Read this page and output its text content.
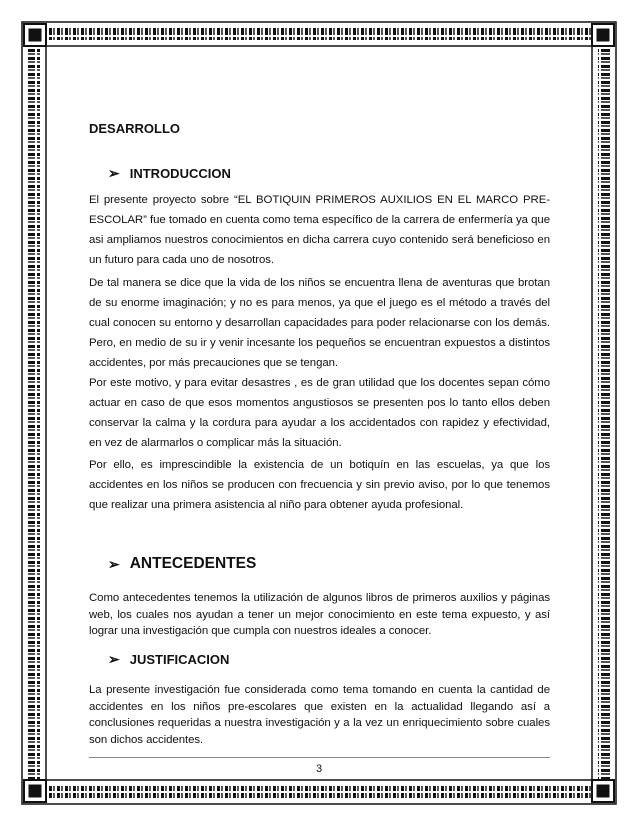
DESARROLLO
➢ INTRODUCCION
El presente proyecto sobre “EL BOTIQUIN PRIMEROS AUXILIOS EN EL MARCO PRE-ESCOLAR” fue tomado en cuenta como tema específico de la carrera de enfermería ya que asi ampliamos nuestros conocimientos en dicha carrera cuyo contenido será beneficioso en un futuro para cada uno de nosotros.
De tal manera se dice que la vida de los niños se encuentra llena de aventuras que brotan de su enorme imaginación; y no es para menos, ya que el juego es el método a través del cual conocen su entorno y desarrollan capacidades para poder relacionarse con los demás. Pero, en medio de su ir y venir incesante los pequeños se encuentran expuestos a distintos accidentes, por más precauciones que se tengan.
Por este motivo, y para evitar desastres , es de gran utilidad que los docentes sepan cómo actuar en caso de que esos momentos angustiosos se presenten pos lo tanto ellos deben conservar la calma y la cordura para ayudar a los accidentados con rapidez y efectividad, en vez de alarmarlos o complicar más la situación.
Por ello, es imprescindible la existencia de un botiquín en las escuelas, ya que los accidentes en los niños se producen con frecuencia y sin previo aviso, por lo que tenemos que realizar una primera asistencia al niño para obtener ayuda profesional.
➢ ANTECEDENTES
Como antecedentes tenemos la utilización de algunos libros de primeros auxilios y páginas web, los cuales nos ayudan a tener un mejor conocimiento en este tema expuesto, y así lograr una investigación que cumpla con nuestros ideales a conocer.
➢ JUSTIFICACION
La presente investigación fue considerada como tema tomando en cuenta la cantidad de accidentes en los niños pre-escolares que existen en la actualidad llegando así a conclusiones requeridas a nuestra investigación y a la vez un enriquecimiento sobre cuales son dichos accidentes.
3
